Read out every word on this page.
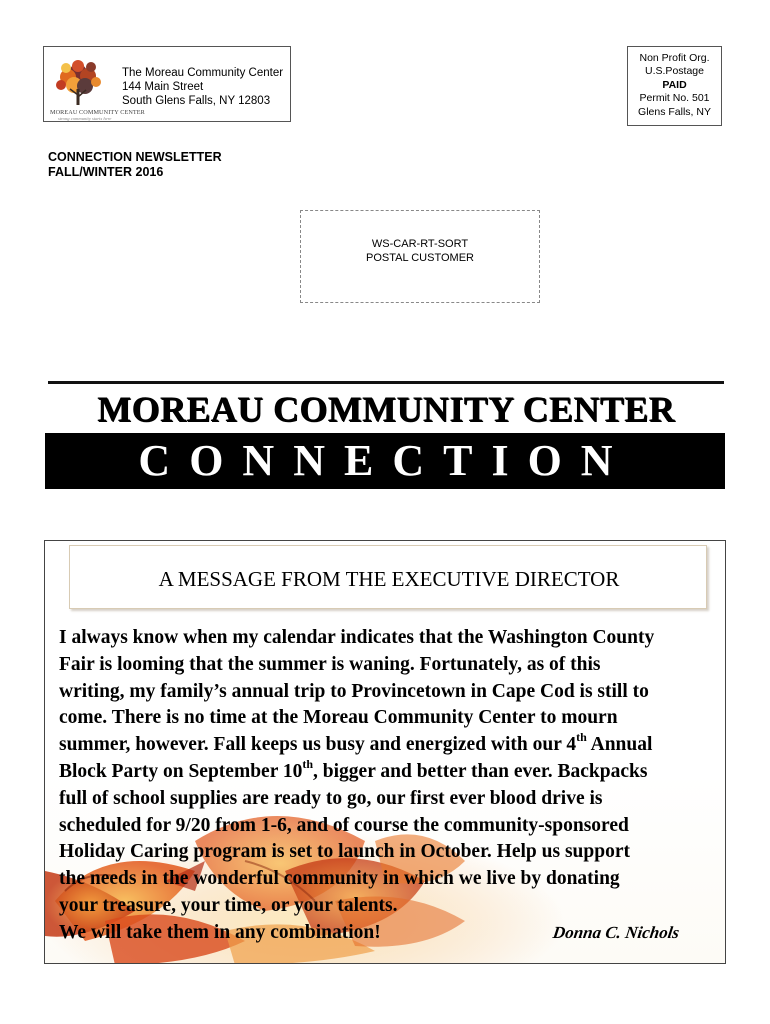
MOREAU COMMUNITY CENTER
strong community starts here
The Moreau Community Center
144 Main Street
South Glens Falls, NY 12803
Non Profit Org.
U.S.Postage
PAID
Permit No. 501
Glens Falls, NY
CONNECTION NEWSLETTER
FALL/WINTER 2016
WS-CAR-RT-SORT
POSTAL CUSTOMER
MOREAU COMMUNITY CENTER
CONNECTION
A MESSAGE FROM THE EXECUTIVE DIRECTOR
I always know when my calendar indicates that the Washington County
Fair is looming that the summer is waning. Fortunately, as of this
writing, my family’s annual trip to Provincetown in Cape Cod is still to
come. There is no time at the Moreau Community Center to mourn
summer, however. Fall keeps us busy and energized with our 4th Annual
Block Party on September 10th, bigger and better than ever. Backpacks
full of school supplies are ready to go, our first ever blood drive is
scheduled for 9/20 from 1-6, and of course the community-sponsored
Holiday Caring program is set to launch in October. Help us support
the needs in the wonderful community in which we live by donating
your treasure, your time, or your talents.
We will take them in any combination!	Donna C. Nichols
